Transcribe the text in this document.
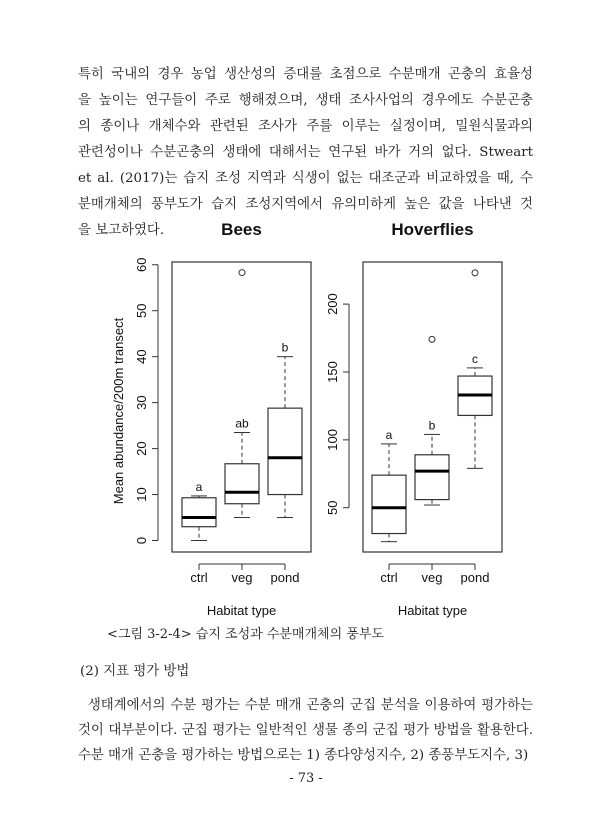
특히 국내의 경우 농업 생산성의 증대를 초점으로 수분매개 곤충의 효율성
을 높이는 연구들이 주로 행해졌으며, 생태 조사사업의 경우에도 수분곤충
의 종이나 개체수와 관련된 조사가 주를 이루는 실정이며, 밀원식물과의
관련성이나 수분곤충의 생태에 대해서는 연구된 바가 거의 없다. Stweart
et al. (2017)는 습지 조성 지역과 식생이 없는 대조군과 비교하였을 때, 수
분매개체의 풍부도가 습지 조성지역에서 유의미하게 높은 값을 나타낸 것
을 보고하였다.	Bees
0
10
20
30
40
50
60
ctrl veg pond
Habitat type
Mean abundance/200m transect	a
ab
b
Hoverflies
50
100
150
200
ctrl veg pond
Habitat type
a
b
c
<그림 3-2-4> 습지 조성과 수분매개체의 풍부도
(2) 지표 평가 방법
생태계에서의 수분 평가는 수분 매개 곤충의 군집 분석을 이용하여 평가하는
것이 대부분이다. 군집 평가는 일반적인 생물 종의 군집 평가 방법을 활용한다.
수분 매개 곤충을 평가하는 방법으로는 1) 종다양성지수, 2) 종풍부도지수, 3)
- 73 -
